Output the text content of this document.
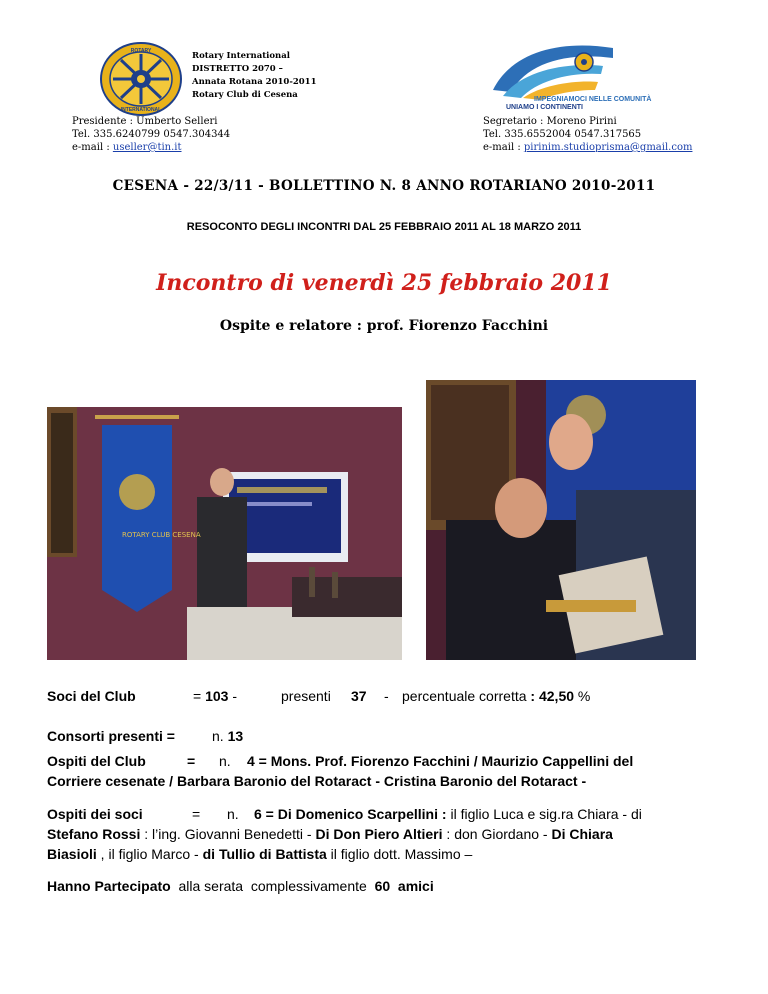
ROTARY
INTERNATIONAL
Rotary International
DISTRETTO 2070 –
Annata Rotana 2010-2011
Rotary Club di Cesena	IMPEGNIAMOCI NELLE COMUNITÀ
UNIAMO I CONTINENTI
Presidente : Umberto Selleri
Tel. 335.6240799 0547.304344
e-mail : useller@tin.it
Segretario : Moreno Pirini
Tel. 335.6552004 0547.317565
e-mail : pirinim.studioprisma@gmail.com
CESENA - 22/3/11 - BOLLETTINO N. 8 ANNO ROTARIANO 2010-2011
RESOCONTO DEGLI INCONTRI DAL 25 FEBBRAIO 2011 AL 18 MARZO 2011
Incontro di venerdì 25 febbraio 2011
Ospite e relatore : prof. Fiorenzo Facchini
ROTARY CLUB CESENA
Soci del Club	= 103 -	presenti 37 - percentuale corretta : 42,50 %
Consorti presenti =	n. 13
Ospiti del Club	= n. 4 = Mons. Prof. Fiorenzo Facchini / Maurizio Cappellini del
Corriere cesenate / Barbara Baronio del Rotaract - Cristina Baronio del Rotaract -
Ospiti dei soci	= n. 6 = Di Domenico Scarpellini : il figlio Luca e sig.ra Chiara - di
Stefano Rossi : l’ing. Giovanni Benedetti - Di Don Piero Altieri : don Giordano - Di Chiara
Biasioli , il figlio Marco - di Tullio di Battista il figlio dott. Massimo –
Hanno Partecipato  alla serata  complessivamente  60  amici
